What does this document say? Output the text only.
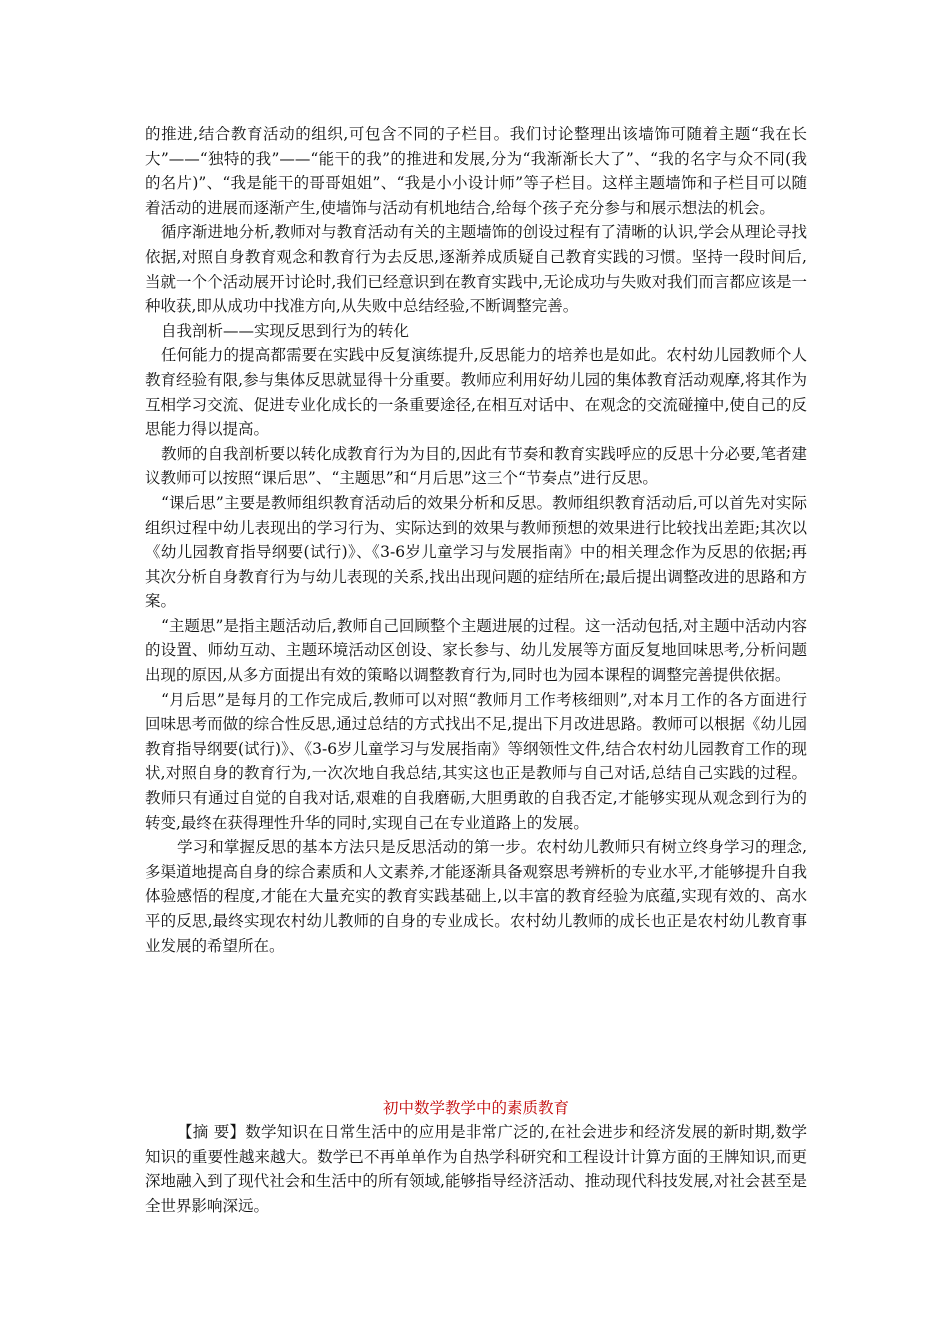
的推进,结合教育活动的组织,可包含不同的子栏目。我们讨论整理出该墙饰可随着主题“我在长大”——“独特的我”——“能干的我”的推进和发展,分为“我渐渐长大了”、“我的名字与众不同(我的名片)”、“我是能干的哥哥姐姐”、“我是小小设计师”等子栏目。这样主题墙饰和子栏目可以随着活动的进展而逐渐产生,使墙饰与活动有机地结合,给每个孩子充分参与和展示想法的机会。

循序渐进地分析,教师对与教育活动有关的主题墙饰的创设过程有了清晰的认识,学会从理论寻找依据,对照自身教育观念和教育行为去反思,逐渐养成质疑自己教育实践的习惯。坚持一段时间后,当就一个个活动展开讨论时,我们已经意识到在教育实践中,无论成功与失败对我们而言都应该是一种收获,即从成功中找准方向,从失败中总结经验,不断调整完善。

自我剖析——实现反思到行为的转化

任何能力的提高都需要在实践中反复演练提升,反思能力的培养也是如此。农村幼儿园教师个人教育经验有限,参与集体反思就显得十分重要。教师应利用好幼儿园的集体教育活动观摩,将其作为互相学习交流、促进专业化成长的一条重要途径,在相互对话中、在观念的交流碰撞中,使自己的反思能力得以提高。

教师的自我剖析要以转化成教育行为为目的,因此有节奏和教育实践呼应的反思十分必要,笔者建议教师可以按照“课后思”、“主题思”和“月后思”这三个“节奏点”进行反思。

“课后思”主要是教师组织教育活动后的效果分析和反思。教师组织教育活动后,可以首先对实际组织过程中幼儿表现出的学习行为、实际达到的效果与教师预想的效果进行比较找出差距;其次以《幼儿园教育指导纲要(试行)》、《3-6岁儿童学习与发展指南》中的相关理念作为反思的依据;再其次分析自身教育行为与幼儿表现的关系,找出出现问题的症结所在;最后提出调整改进的思路和方案。

“主题思”是指主题活动后,教师自己回顾整个主题进展的过程。这一活动包括,对主题中活动内容的设置、师幼互动、主题环境活动区创设、家长参与、幼儿发展等方面反复地回味思考,分析问题出现的原因,从多方面提出有效的策略以调整教育行为,同时也为园本课程的调整完善提供依据。

“月后思”是每月的工作完成后,教师可以对照“教师月工作考核细则”,对本月工作的各方面进行回味思考而做的综合性反思,通过总结的方式找出不足,提出下月改进思路。教师可以根据《幼儿园教育指导纲要(试行)》、《3-6岁儿童学习与发展指南》等纲领性文件,结合农村幼儿园教育工作的现状,对照自身的教育行为,一次次地自我总结,其实这也正是教师与自己对话,总结自己实践的过程。教师只有通过自觉的自我对话,艰难的自我磨砺,大胆勇敢的自我否定,才能够实现从观念到行为的转变,最终在获得理性升华的同时,实现自己在专业道路上的发展。

学习和掌握反思的基本方法只是反思活动的第一步。农村幼儿教师只有树立终身学习的理念,多渠道地提高自身的综合素质和人文素养,才能逐渐具备观察思考辨析的专业水平,才能够提升自我体验感悟的程度,才能在大量充实的教育实践基础上,以丰富的教育经验为底蕴,实现有效的、高水平的反思,最终实现农村幼儿教师的自身的专业成长。农村幼儿教师的成长也正是农村幼儿教育事业发展的希望所在。

初中数学教学中的素质教育

【摘 要】数学知识在日常生活中的应用是非常广泛的,在社会进步和经济发展的新时期,数学知识的重要性越来越大。数学已不再单单作为自热学科研究和工程设计计算方面的王牌知识,而更深地融入到了现代社会和生活中的所有领域,能够指导经济活动、推动现代科技发展,对社会甚至是全世界影响深远。
